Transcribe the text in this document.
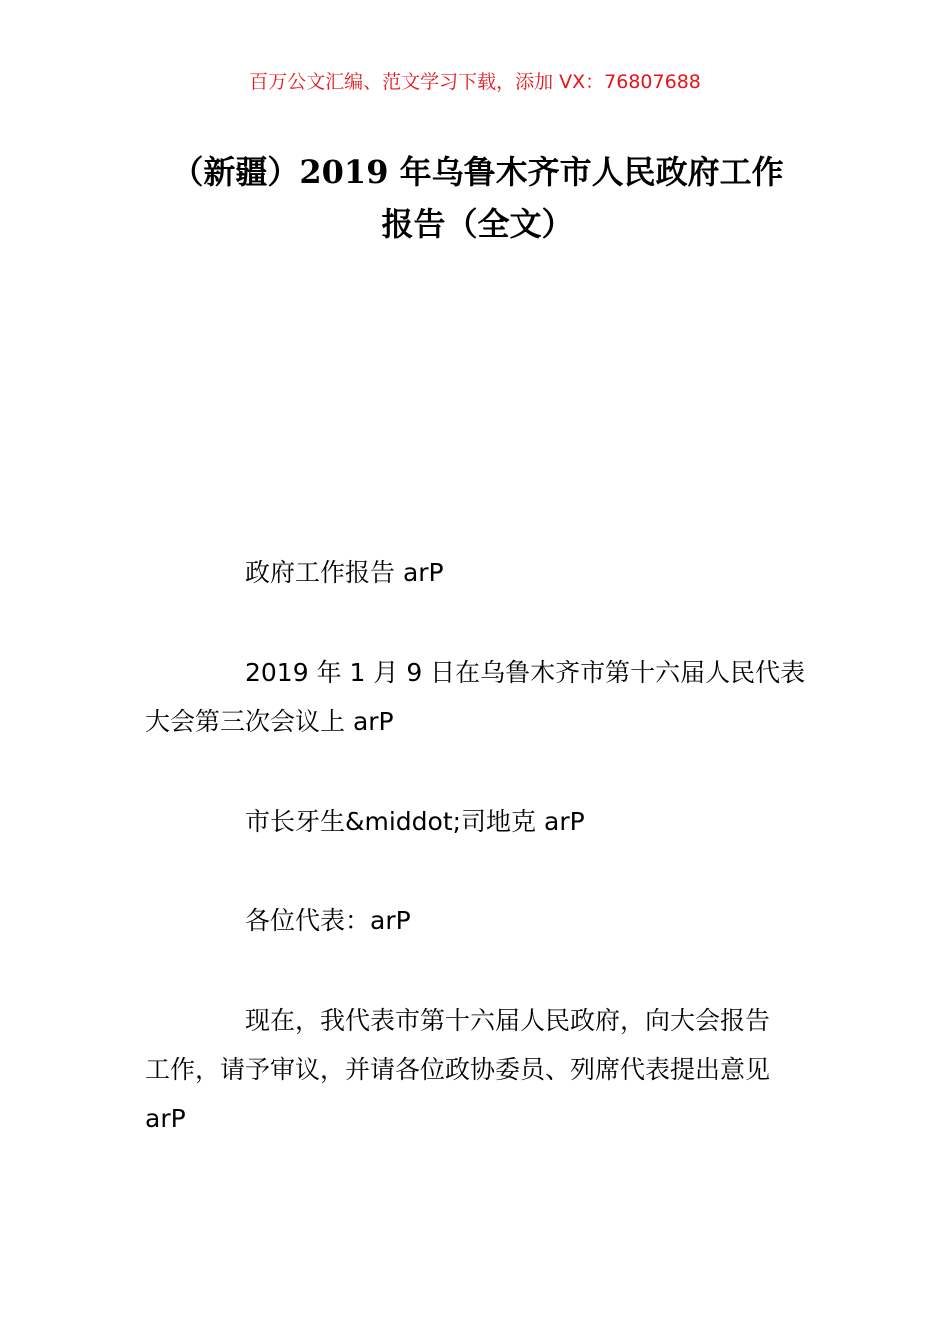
百万公文汇编、范文学习下载，添加 VX：76807688
（新疆）2019 年乌鲁木齐市人民政府工作
报告（全文）

政府工作报告 arP

2019 年 1 月 9 日在乌鲁木齐市第十六届人民代表
大会第三次会议上 arP

市长牙生&middot;司地克 arP

各位代表：arP

现在，我代表市第十六届人民政府，向大会报告
工作，请予审议，并请各位政协委员、列席代表提出意见
arP
